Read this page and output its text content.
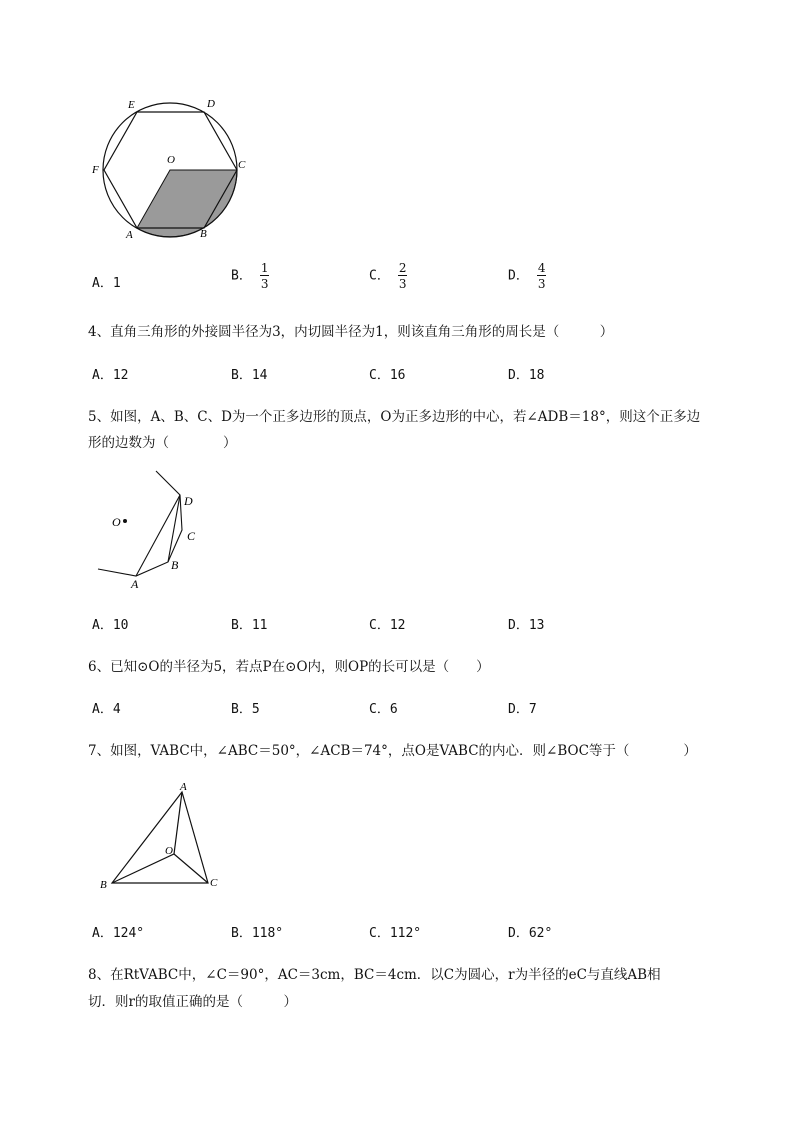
E	D
F
O	C
A	B
A．1	B． $\frac{1}{3}$	C． $\frac{2}{3}$	D． $\frac{4}{3}$
4、直角三角形的外接圆半径为3，内切圆半径为1，则该直角三角形的周长是（　　　）
A．12	B．14	C．16	D．18
5、如图，A、B、C、D为一个正多边形的顶点，O为正多边形的中心，若∠ADB＝18°，则这个正多边
形的边数为（　　　　）
O
D
C
B
A
A．10	B．11	C．12	D．13
6、已知⊙O的半径为5，若点P在⊙O内，则OP的长可以是（　　）
A．4	B．5	C．6	D．7
7、如图，VABC中，∠ABC＝50°，∠ACB＝74°，点O是VABC的内心．则∠BOC等于（　　　　）
A
O
B	C
A．124°	B．118°	C．112°	D．62°
8、在RtVABC中，∠C＝90°，AC＝3cm，BC＝4cm．以C为圆心，r为半径的eC与直线AB相
切．则r的取值正确的是（　　　）
